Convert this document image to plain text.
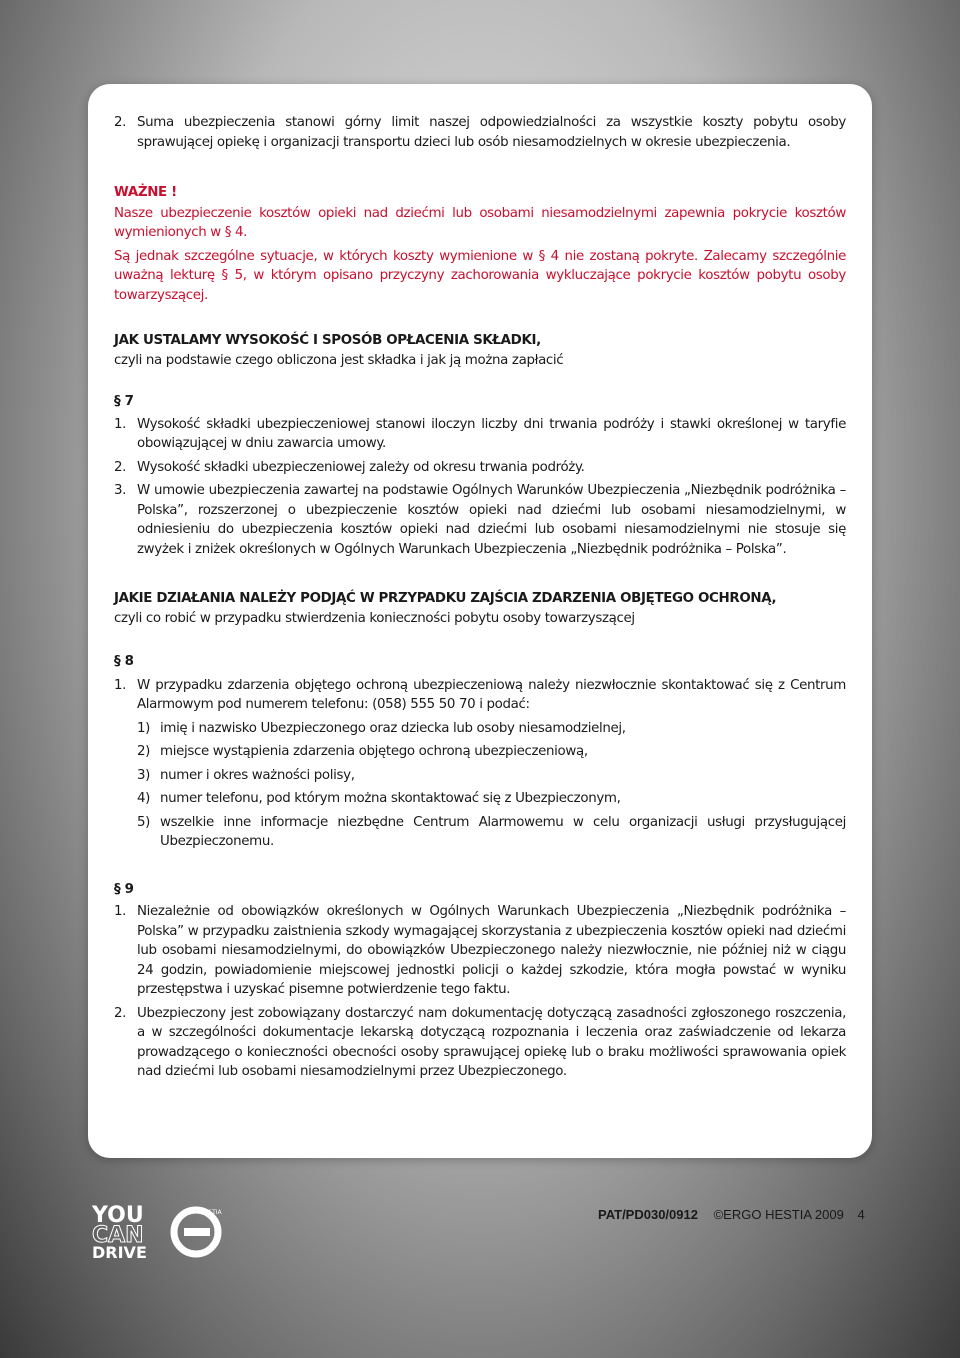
2. Suma ubezpieczenia stanowi górny limit naszej odpowiedzialności za wszystkie koszty pobytu osoby sprawującej opiekę i organizacji transportu dzieci lub osób niesamodzielnych w okresie ubezpieczenia.

WAŻNE !

Nasze ubezpieczenie kosztów opieki nad dziećmi lub osobami niesamodzielnymi zapewnia pokrycie kosztów wymienionych w § 4.

Są jednak szczególne sytuacje, w których koszty wymienione w § 4 nie zostaną pokryte. Zalecamy szczególnie uważną lekturę § 5, w którym opisano przyczyny zachorowania wykluczające pokrycie kosztów pobytu osoby towarzyszącej.

JAK USTALAMY WYSOKOŚĆ I SPOSÓB OPŁACENIA SKŁADKI,

czyli na podstawie czego obliczona jest składka i jak ją można zapłacić

§ 7

1. Wysokość składki ubezpieczeniowej stanowi iloczyn liczby dni trwania podróży i stawki określonej w taryfie obowiązującej w dniu zawarcia umowy.
2. Wysokość składki ubezpieczeniowej zależy od okresu trwania podróży.
3. W umowie ubezpieczenia zawartej na podstawie Ogólnych Warunków Ubezpieczenia „Niezbędnik podróżnika – Polska”, rozszerzonej o ubezpieczenie kosztów opieki nad dziećmi lub osobami niesamodzielnymi, w odniesieniu do ubezpieczenia kosztów opieki nad dziećmi lub osobami niesamodzielnymi nie stosuje się zwyżek i zniżek określonych w Ogólnych Warunkach Ubezpieczenia „Niezbędnik podróżnika – Polska”.

JAKIE DZIAŁANIA NALEŻY PODJĄĆ W PRZYPADKU ZAJŚCIA ZDARZENIA OBJĘTEGO OCHRONĄ,

czyli co robić w przypadku stwierdzenia konieczności pobytu osoby towarzyszącej

§ 8

1. W przypadku zdarzenia objętego ochroną ubezpieczeniową należy niezwłocznie skontaktować się z Centrum Alarmowym pod numerem telefonu: (058) 555 50 70 i podać:
1) imię i nazwisko Ubezpieczonego oraz dziecka lub osoby niesamodzielnej,
2) miejsce wystąpienia zdarzenia objętego ochroną ubezpieczeniową,
3) numer i okres ważności polisy,
4) numer telefonu, pod którym można skontaktować się z Ubezpieczonym,
5) wszelkie inne informacje niezbędne Centrum Alarmowemu w celu organizacji usługi przysługującej Ubezpieczonemu.

§ 9

1. Niezależnie od obowiązków określonych w Ogólnych Warunkach Ubezpieczenia „Niezbędnik podróżnika – Polska” w przypadku zaistnienia szkody wymagającej skorzystania z ubezpieczenia kosztów opieki nad dziećmi lub osobami niesamodzielnymi, do obowiązków Ubezpieczonego należy niezwłocznie, nie później niż w ciągu 24 godzin, powiadomienie miejscowej jednostki policji o każdej szkodzie, która mogła powstać w wyniku przestępstwa i uzyskać pisemne potwierdzenie tego faktu.
2. Ubezpieczony jest zobowiązany dostarczyć nam dokumentację dotyczącą zasadności zgłoszonego roszczenia, a w szczególności dokumentacje lekarską dotyczącą rozpoznania i leczenia oraz zaświadczenie od lekarza prowadzącego o konieczności obecności osoby sprawującej opiekę lub o braku możliwości sprawowania opiek nad dziećmi lub osobami niesamodzielnymi przez Ubezpieczonego.
YOU
CAN
DRIVE
HESTIA	PAT/PD030/0912 ©ERGO HESTIA 2009 4
